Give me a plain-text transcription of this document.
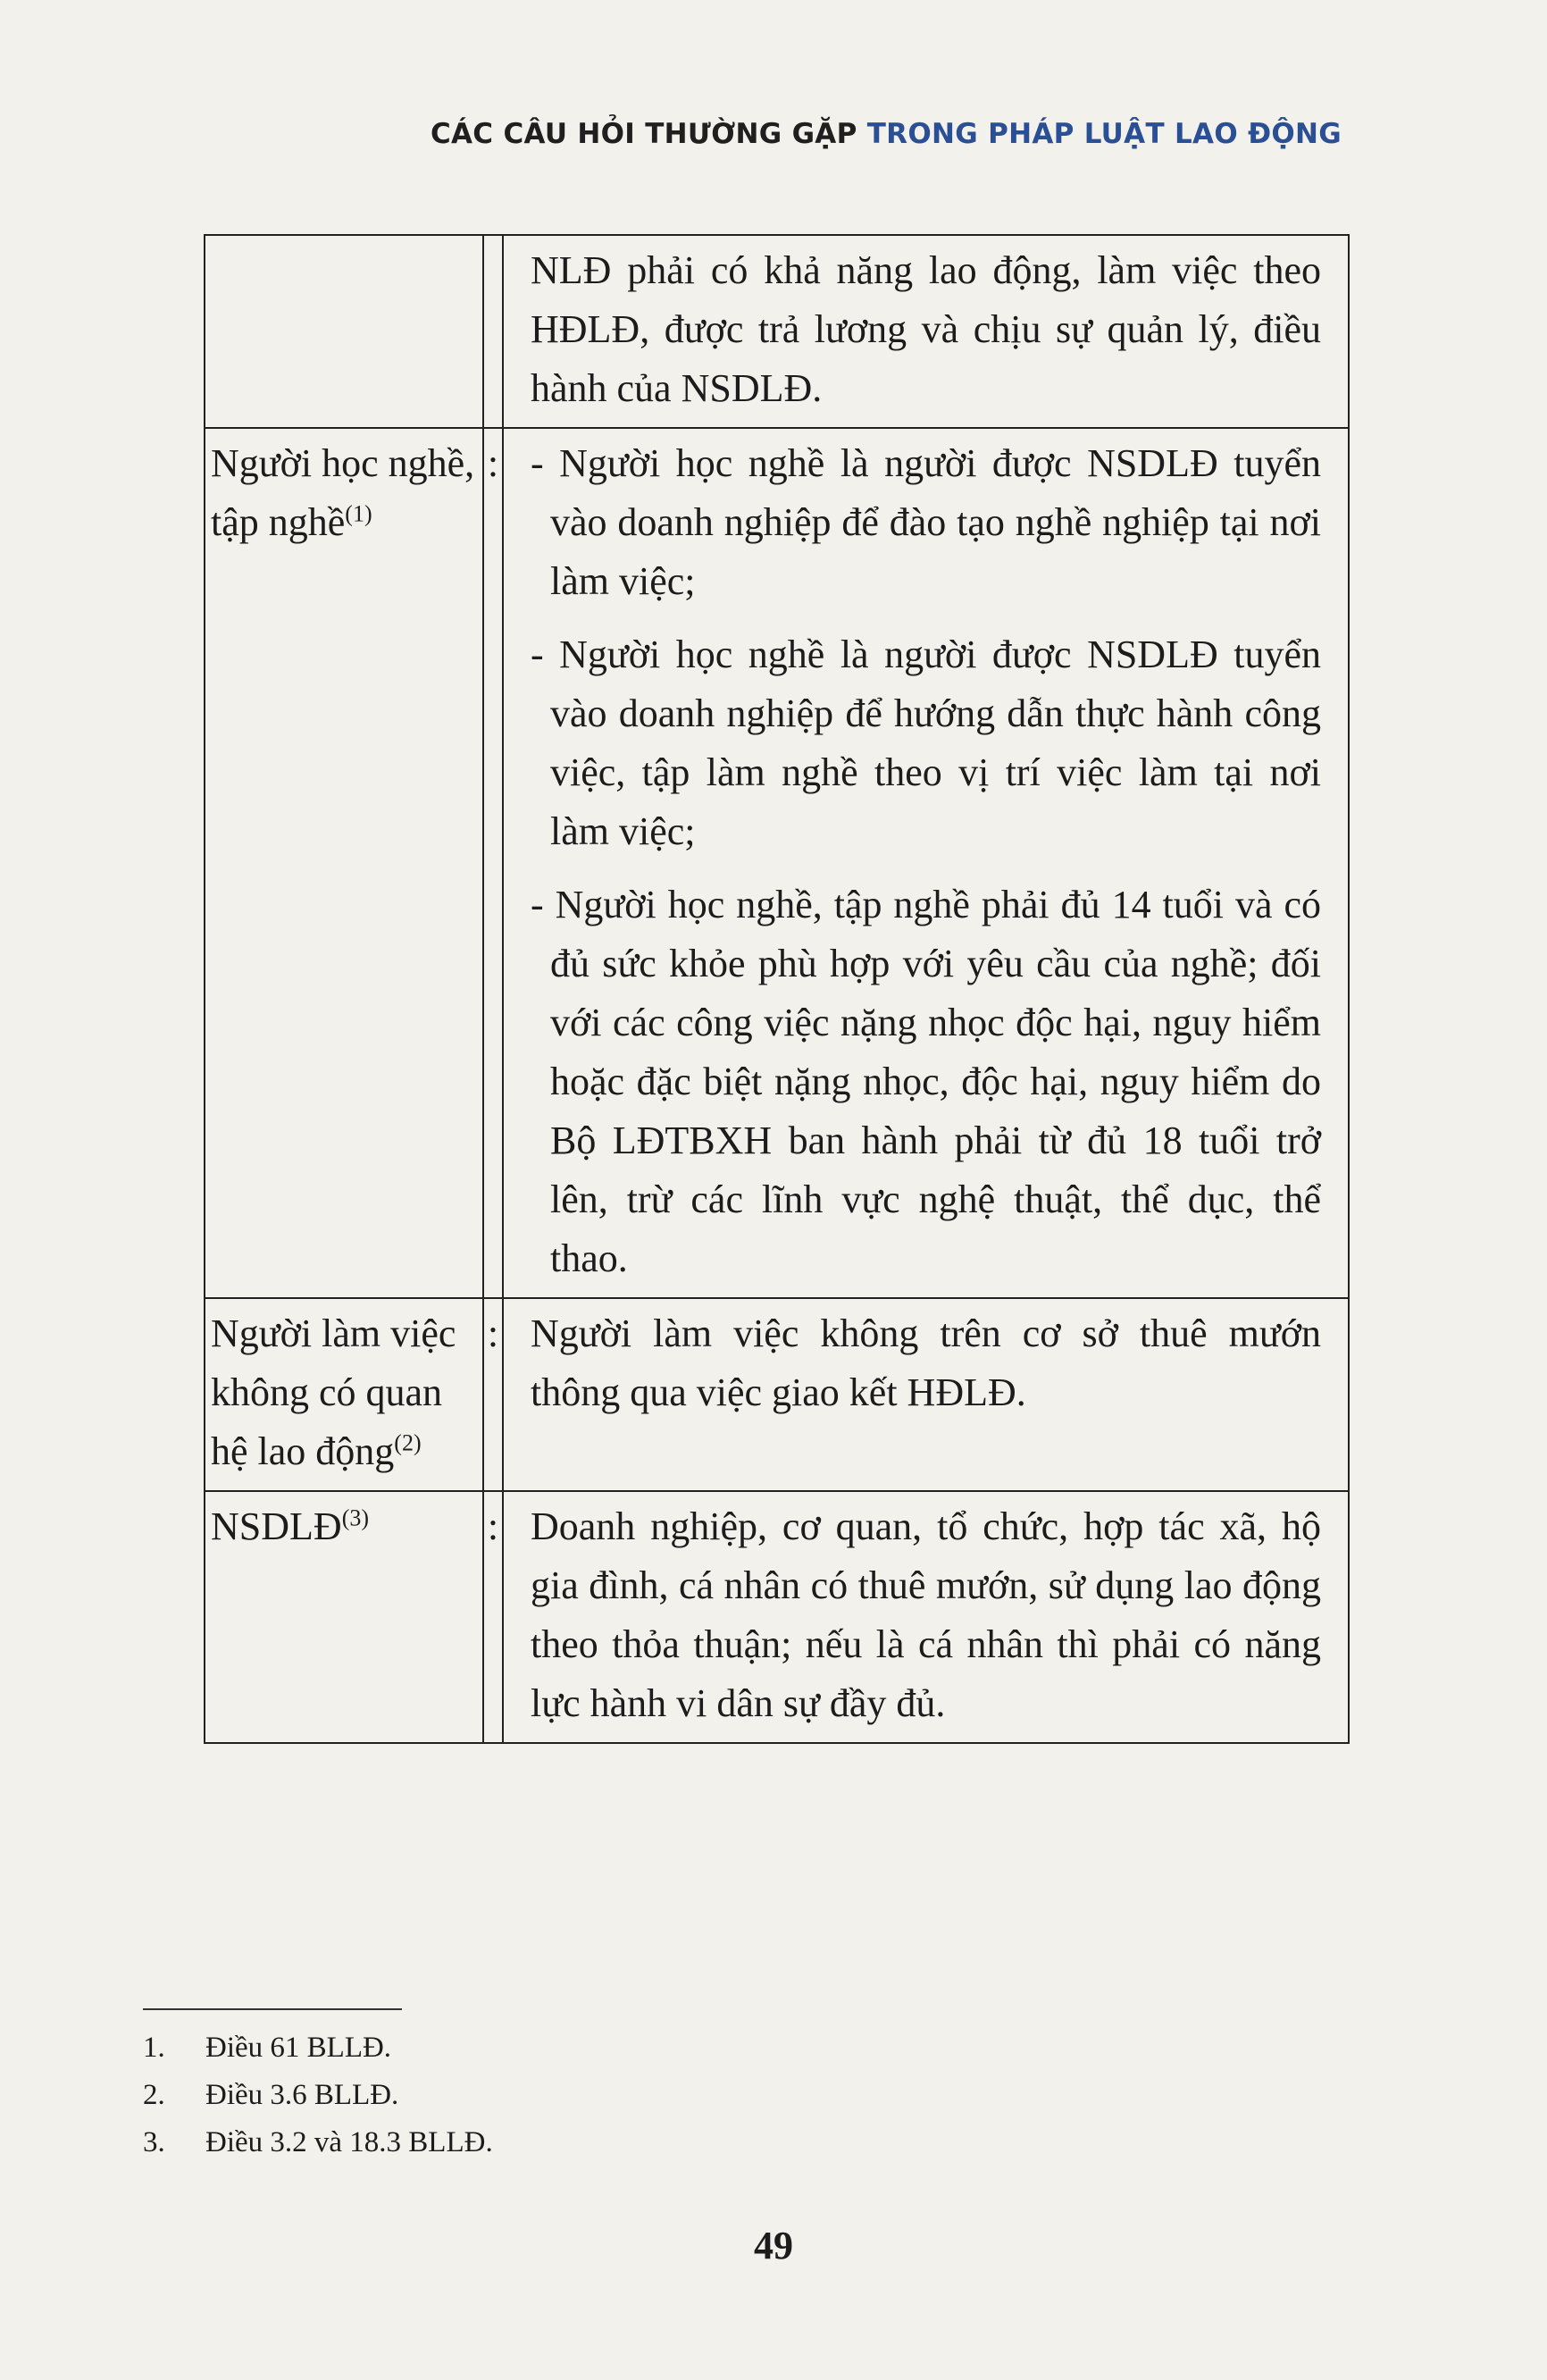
CÁC CÂU HỎI THƯỜNG GẶP TRONG PHÁP LUẬT LAO ĐỘNG

		NLĐ phải có khả năng lao động, làm việc theo HĐLĐ, được trả lương và chịu sự quản lý, điều hành của NSDLĐ.

Người học nghề, tập nghề$^{(1)}$	:	- Người học nghề là người được NSDLĐ tuyển vào doanh nghiệp để đào tạo nghề nghiệp tại nơi làm việc;
- Người học nghề là người được NSDLĐ tuyển vào doanh nghiệp để hướng dẫn thực hành công việc, tập làm nghề theo vị trí việc làm tại nơi làm việc;
- Người học nghề, tập nghề phải đủ 14 tuổi và có đủ sức khỏe phù hợp với yêu cầu của nghề; đối với các công việc nặng nhọc độc hại, nguy hiểm hoặc đặc biệt nặng nhọc, độc hại, nguy hiểm do Bộ LĐTBXH ban hành phải từ đủ 18 tuổi trở lên, trừ các lĩnh vực nghệ thuật, thể dục, thể thao.

Người làm việc không có quan hệ lao động$^{(2)}$	:	Người làm việc không trên cơ sở thuê mướn thông qua việc giao kết HĐLĐ.

NSDLĐ$^{(3)}$	:	Doanh nghiệp, cơ quan, tổ chức, hợp tác xã, hộ gia đình, cá nhân có thuê mướn, sử dụng lao động theo thỏa thuận; nếu là cá nhân thì phải có năng lực hành vi dân sự đầy đủ.
1.	Điều 61 BLLĐ.
2.	Điều 3.6 BLLĐ.
3.	Điều 3.2 và 18.3 BLLĐ.
49
